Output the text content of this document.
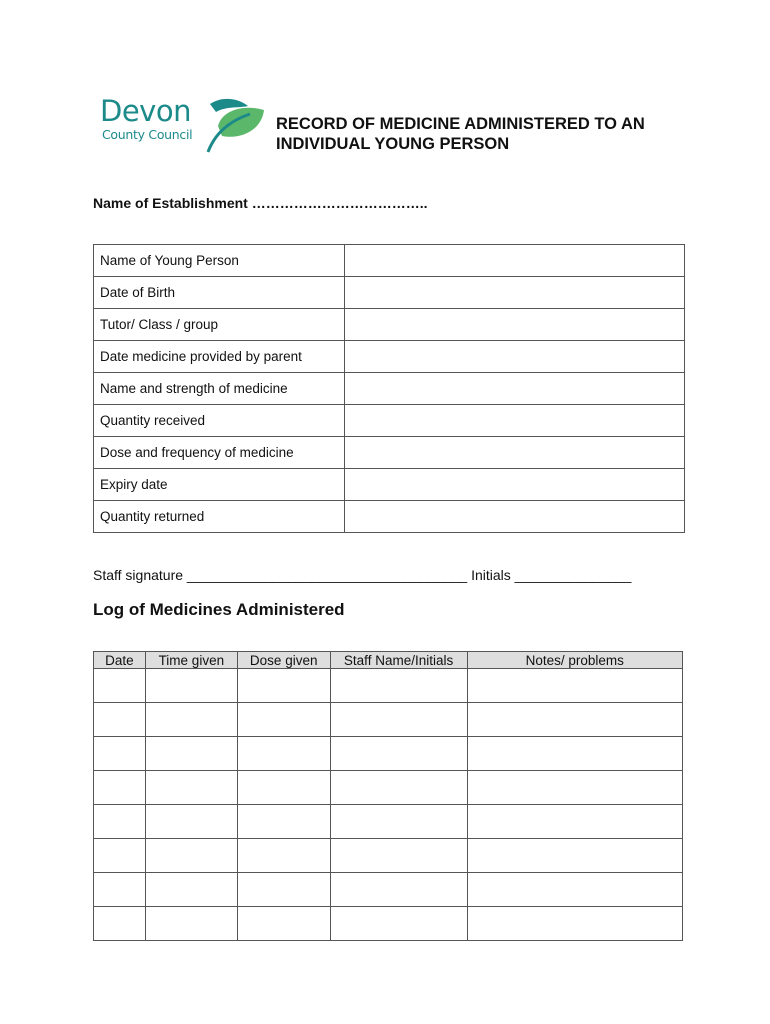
Devon
County Council
RECORD OF MEDICINE ADMINISTERED TO AN
INDIVIDUAL YOUNG PERSON
Name of Establishment ………………………………..
Name of Young Person	
Date of Birth	
Tutor/ Class / group	
Date medicine provided by parent	
Name and strength of medicine	
Quantity received	
Dose and frequency of medicine	
Expiry date	
Quantity returned	
Staff signature ____________________________________ Initials _______________
Log of Medicines Administered
Date	Time given	Dose given	Staff Name/Initials	Notes/ problems
